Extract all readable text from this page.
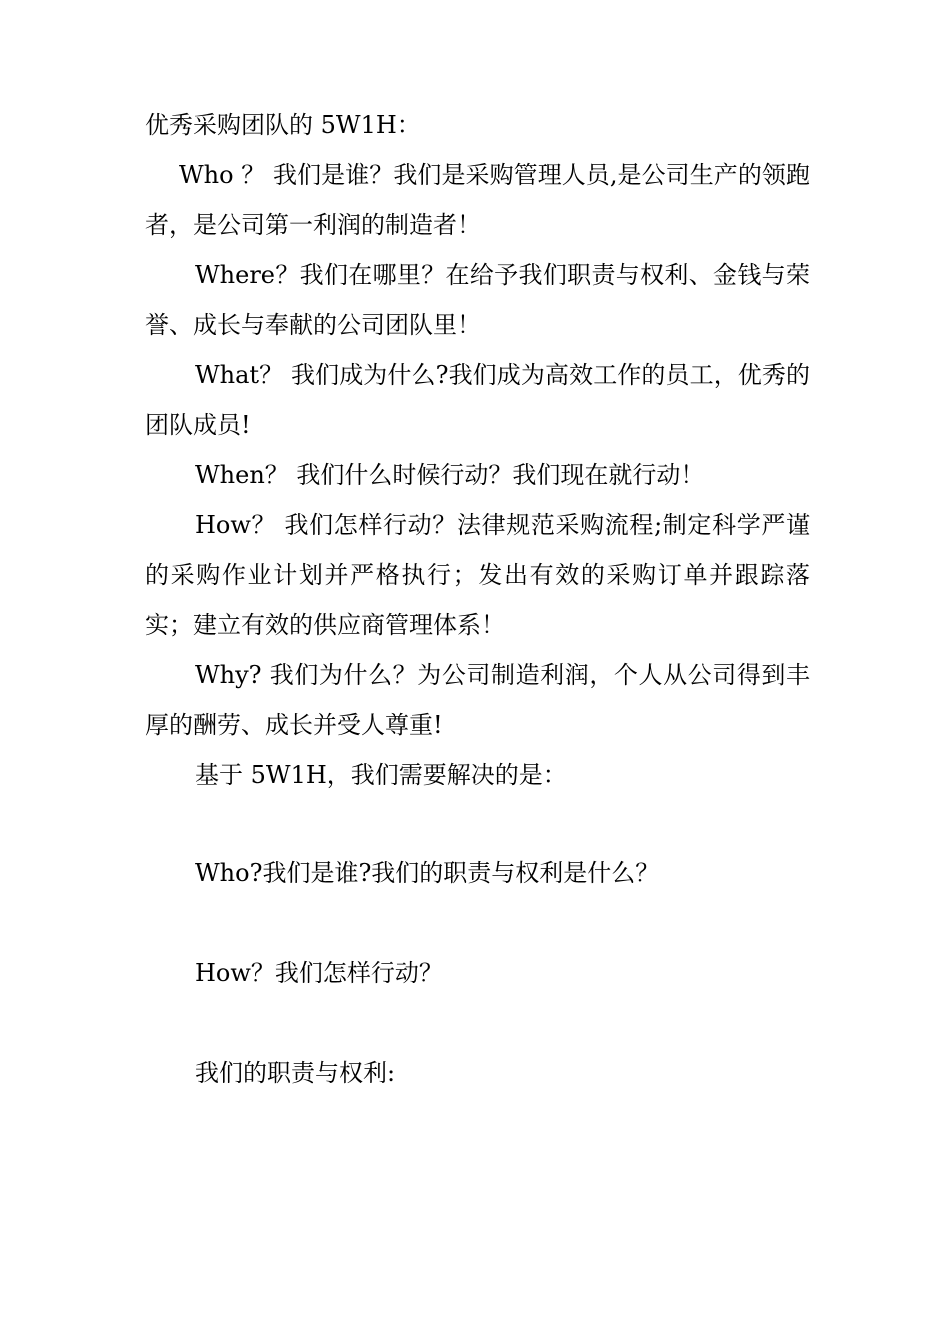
优秀采购团队的 5W1H：

Who ？ 我们是谁？我们是采购管理人员,是公司生产的领跑者，是公司第一利润的制造者！

Where？我们在哪里？在给予我们职责与权利、金钱与荣誉、成长与奉献的公司团队里！

What？ 我们成为什么?我们成为高效工作的员工，优秀的团队成员!

When？ 我们什么时候行动？我们现在就行动！

How？ 我们怎样行动？法律规范采购流程;制定科学严谨的采购作业计划并严格执行；发出有效的采购订单并跟踪落实；建立有效的供应商管理体系！

Why? 我们为什么？为公司制造利润，个人从公司得到丰厚的酬劳、成长并受人尊重!

基于 5W1H，我们需要解决的是：

Who?我们是谁?我们的职责与权利是什么？

How？我们怎样行动？

我们的职责与权利:
